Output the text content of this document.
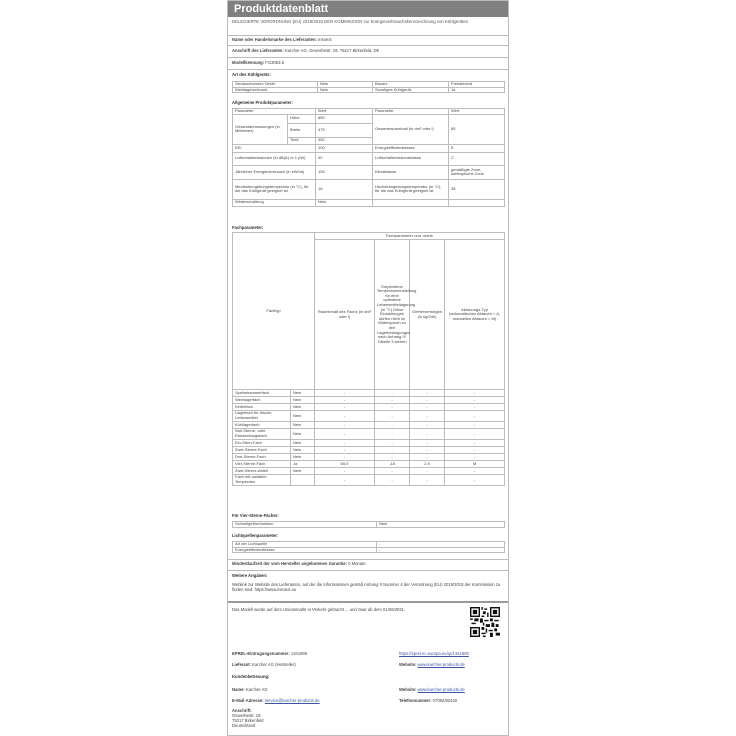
Produktdatenblatt
DELEGIERTE VERORDNUNG (EU) 2019/2016 DER KOMMISSION zur Energieverbrauchskennzeichnung von Kühlgeräten
Name oder Handelsmarke des Lieferanten: Insnext
Anschrift des Lieferanten: Karcher AG, Gewerbestr. 19, 75217 Birkenfeld, DE
Modellkennung: FG3053.5
Art des Kühlgeräts:
Geräuscharmes Gerät:	Nein	Bauart:	Freistehend
Weinlagerschrank:	Nein	Sonstiges Kühlgerät:	Ja
Allgemeine Produktparameter:
Parameter		Wert	Parameter	Wert
Gesamtabmessungen (in Millimeter)	Höhe	850	Gesamtrauminhalt (in dm³ oder l)	65
	Breite	475		
	Tiefe	450		
EEI		100	Energieeffizienzklasse	E
Luftschallemissionen (in dB(A) re 1 pW)		40	Luftschallemissionsklasse	C
Jährlicher Energieverbrauch (in kWh/a)		155	Klimaklasse	gemäßigte Zone, subtropische Zone
Mindestumgebungstemperatur (in °C), für die das Kühlgerät geeignet ist		16	Höchstumgebungstemperatur (in °C), für die das Kühlgerät geeignet ist	38
Winterschaltung		Nein		
Fachparameter:
Fachtyp		Fachparameter und -werte			
		Rauminhalt des Fachs (in dm³ oder l)	Empfohlene Temperatureinstellung für eine optimierte Lebensmittellagerung (in °C) Diese Einstellungen dürfen nicht im Widerspruch zu den Lagerbedingungen nach Anhang IV Tabelle 3 stehen	Gefriervermögen (in kg/24h)	Abtauungs-Typ (automatisches Abtauen = A, manuelles Abtauen = M)
Speisekammerfach	Nein	-	-	-	-
Weinlagerfach	Nein	-	-	-	-
Kellerfach	Nein	-	-	-	-
Lagerfach für frische Lebensmittel	Nein	-	-	-	-
Kühllagerfach	Nein	-	-	-	-
Null-Sterne- oder Eisbereitungsfach	Nein	-	-	-	-
Ein-Stern-Fach	Nein	-	-	-	-
Zwei-Sterne-Fach	Nein	-	-	-	-
Drei-Sterne-Fach	Nein	-	-	-	-
Vier-Sterne-Fach	Ja	65,0	-18	2,9	M
Zwei-Sterne-Abteil	Nein	-	-	-	-
Fach mit variabler Temperatur		-	-	-	-
Für Vier-Sterne-Fächer:
Schnellgefrierfunktion	Nein
Lichtquellenparameter:
Art der Lichtquelle	-
Energieeffizienzklasse	-
Mindestlaufzeit der vom Hersteller angebotenen Garantie: 0 Monate
Weitere Angaben:
Weblink zur Website des Lieferanten, auf der die Informationen gemäß Anhang II Nummer 4 der Verordnung (EU) 2019/2019 der Kommission zu finden sind: https://www.insnext.eu
Das Modell wurde auf dem Unionsmarkt in Verkehr gebracht ... und zwar ab dem 01/06/2021.
EPREL-Eintragungsnummer: 1341805	https://eprel.ec.europa.eu/qr/1341805
Lieferant: Karcher AG (Hersteller)	Website: www.karcher-products.de
Kundenbetreuung:
Name: Karcher AG	Website: www.karcher-products.de
E-Mail-Adresse: service@karcher-products.de	Telefonnummer: 07082/92420
Anschrift:
Gewerbestr. 19
75217 Birkenfeld
Deutschland
